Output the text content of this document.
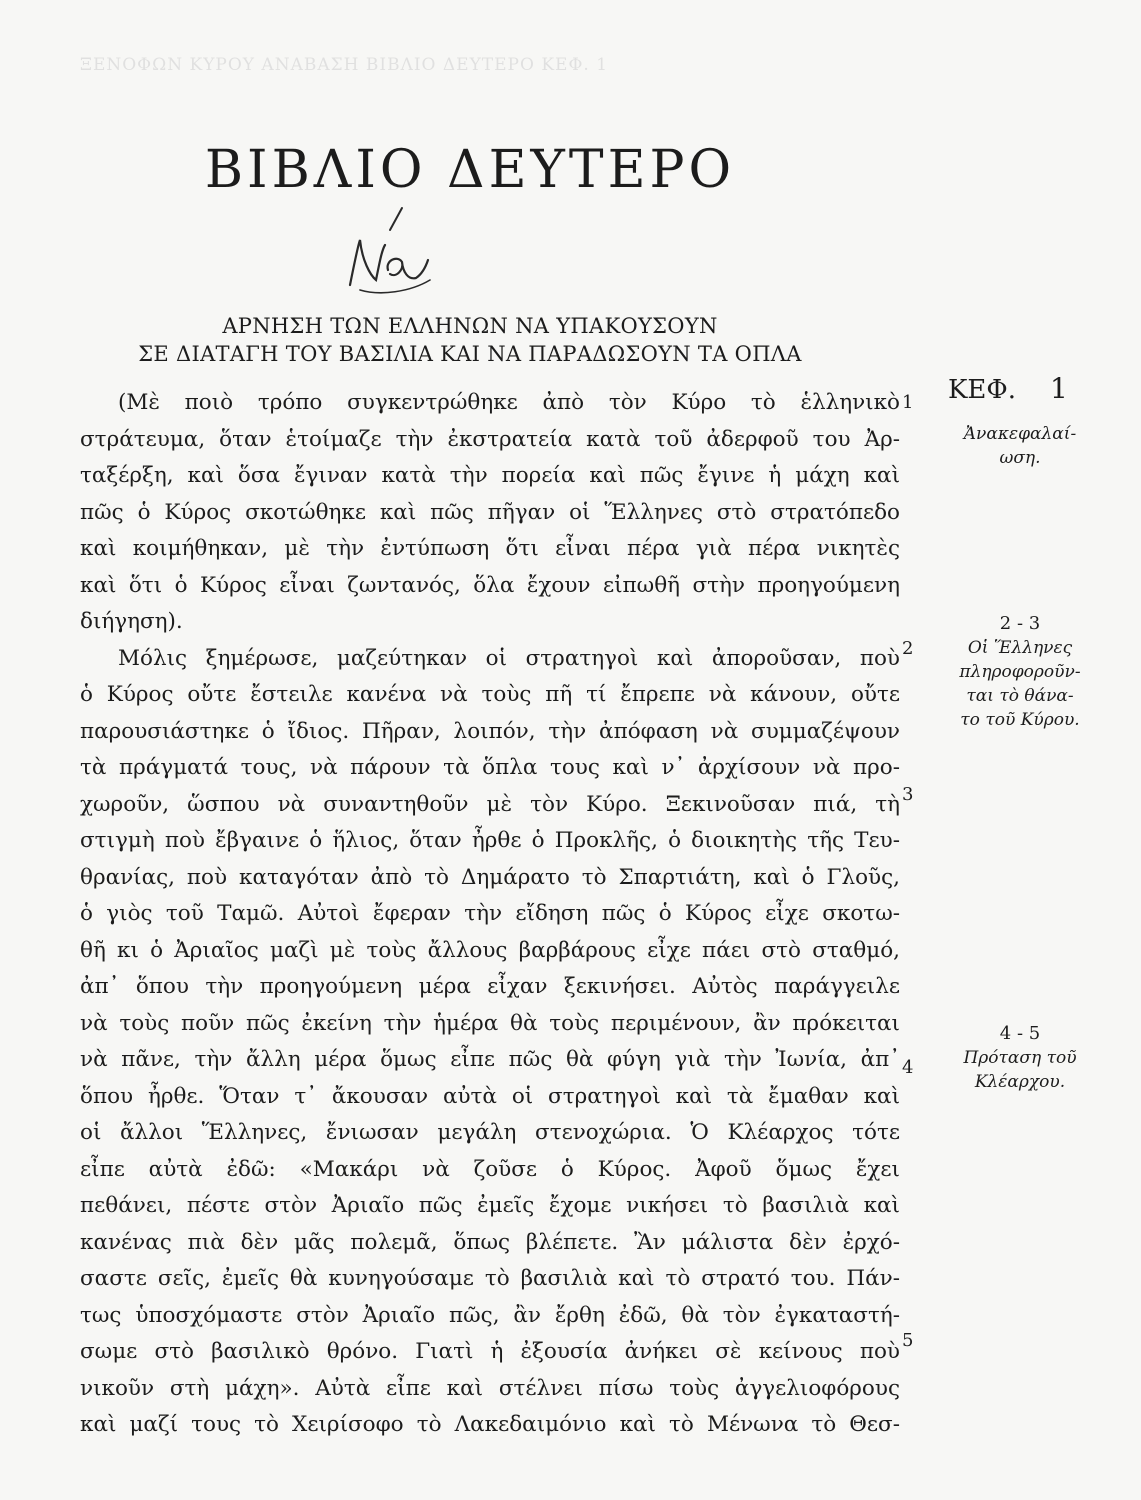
ΞΕΝΟΦΩΝ ΚΥΡΟΥ ΑΝΑΒΑΣΗ ΒΙΒΛΙΟ ΔΕΥΤΕΡΟ ΚΕΦ. 1
ΒΙΒΛΙΟ ΔΕΥΤΕΡΟ
ΑΡΝΗΣΗ ΤΩΝ ΕΛΛΗΝΩΝ ΝΑ ΥΠΑΚΟΥΣΟΥΝ
ΣΕ ΔΙΑΤΑΓΗ ΤΟΥ ΒΑΣΙΛΙΑ ΚΑΙ ΝΑ ΠΑΡΑΔΩΣΟΥΝ ΤΑ ΟΠΛΑ
(Μὲ ποιὸ τρόπο συγκεντρώθηκε ἀπὸ τὸν Κύρο τὸ ἑλληνικὸ
στράτευμα, ὅταν ἑτοίμαζε τὴν ἐκστρατεία κατὰ τοῦ ἀδερφοῦ του Ἀρ-
ταξέρξη, καὶ ὅσα ἔγιναν κατὰ τὴν πορεία καὶ πῶς ἔγινε ἡ μάχη καὶ
πῶς ὁ Κύρος σκοτώθηκε καὶ πῶς πῆγαν οἱ Ἕλληνες στὸ στρατόπεδο
καὶ κοιμήθηκαν, μὲ τὴν ἐντύπωση ὅτι εἶναι πέρα γιὰ πέρα νικητὲς
καὶ ὅτι ὁ Κύρος εἶναι ζωντανός, ὅλα ἔχουν εἰπωθῆ στὴν προηγούμενη
διήγηση).
Μόλις ξημέρωσε, μαζεύτηκαν οἱ στρατηγοὶ καὶ ἀποροῦσαν, ποὺ
ὁ Κύρος οὔτε ἔστειλε κανένα νὰ τοὺς πῆ τί ἔπρεπε νὰ κάνουν, οὔτε
παρουσιάστηκε ὁ ἴδιος. Πῆραν, λοιπόν, τὴν ἀπόφαση νὰ συμμαζέψουν
τὰ πράγματά τους, νὰ πάρουν τὰ ὅπλα τους καὶ ν᾽ ἀρχίσουν νὰ προ-
χωροῦν, ὥσπου νὰ συναντηθοῦν μὲ τὸν Κύρο. Ξεκινοῦσαν πιά, τὴ
στιγμὴ ποὺ ἔβγαινε ὁ ἥλιος, ὅταν ἦρθε ὁ Προκλῆς, ὁ διοικητὴς τῆς Τευ-
θρανίας, ποὺ καταγόταν ἀπὸ τὸ Δημάρατο τὸ Σπαρτιάτη, καὶ ὁ Γλοῦς,
ὁ γιὸς τοῦ Ταμῶ. Αὐτοὶ ἔφεραν τὴν εἴδηση πῶς ὁ Κύρος εἶχε σκοτω-
θῆ κι ὁ Ἀριαῖος μαζὶ μὲ τοὺς ἄλλους βαρβάρους εἶχε πάει στὸ σταθμό,
ἀπ᾽ ὅπου τὴν προηγούμενη μέρα εἶχαν ξεκινήσει. Αὐτὸς παράγγειλε
νὰ τοὺς ποῦν πῶς ἐκείνη τὴν ἡμέρα θὰ τοὺς περιμένουν, ἂν πρόκειται
νὰ πᾶνε, τὴν ἄλλη μέρα ὅμως εἶπε πῶς θὰ φύγη γιὰ τὴν Ἰωνία, ἀπ᾽
ὅπου ἦρθε. Ὅταν τ᾽ ἄκουσαν αὐτὰ οἱ στρατηγοὶ καὶ τὰ ἔμαθαν καὶ
οἱ ἄλλοι Ἕλληνες, ἔνιωσαν μεγάλη στενοχώρια. Ὁ Κλέαρχος τότε
εἶπε αὐτὰ ἐδῶ: «Μακάρι νὰ ζοῦσε ὁ Κύρος. Ἀφοῦ ὅμως ἔχει
πεθάνει, πέστε στὸν Ἀριαῖο πῶς ἐμεῖς ἔχομε νικήσει τὸ βασιλιὰ καὶ
κανένας πιὰ δὲν μᾶς πολεμᾶ, ὅπως βλέπετε. Ἂν μάλιστα δὲν ἐρχό-
σαστε σεῖς, ἐμεῖς θὰ κυνηγούσαμε τὸ βασιλιὰ καὶ τὸ στρατό του. Πάν-
τως ὑποσχόμαστε στὸν Ἀριαῖο πῶς, ἂν ἔρθη ἐδῶ, θὰ τὸν ἐγκαταστή-
σωμε στὸ βασιλικὸ θρόνο. Γιατὶ ἡ ἐξουσία ἀνήκει σὲ κείνους ποὺ
νικοῦν στὴ μάχη». Αὐτὰ εἶπε καὶ στέλνει πίσω τοὺς ἀγγελιοφόρους
καὶ μαζί τους τὸ Χειρίσοφο τὸ Λακεδαιμόνιο καὶ τὸ Μένωνα τὸ Θεσ-
1
2
3
4
5
ΚΕΦ. 1
Ἀνακεφαλαί-
ωση.
2 - 3
Οἱ Ἕλληνες
πληροφοροῦν-
ται τὸ θάνα-
το τοῦ Κύρου.
4 - 5
Πρόταση τοῦ
Κλέαρχου.
